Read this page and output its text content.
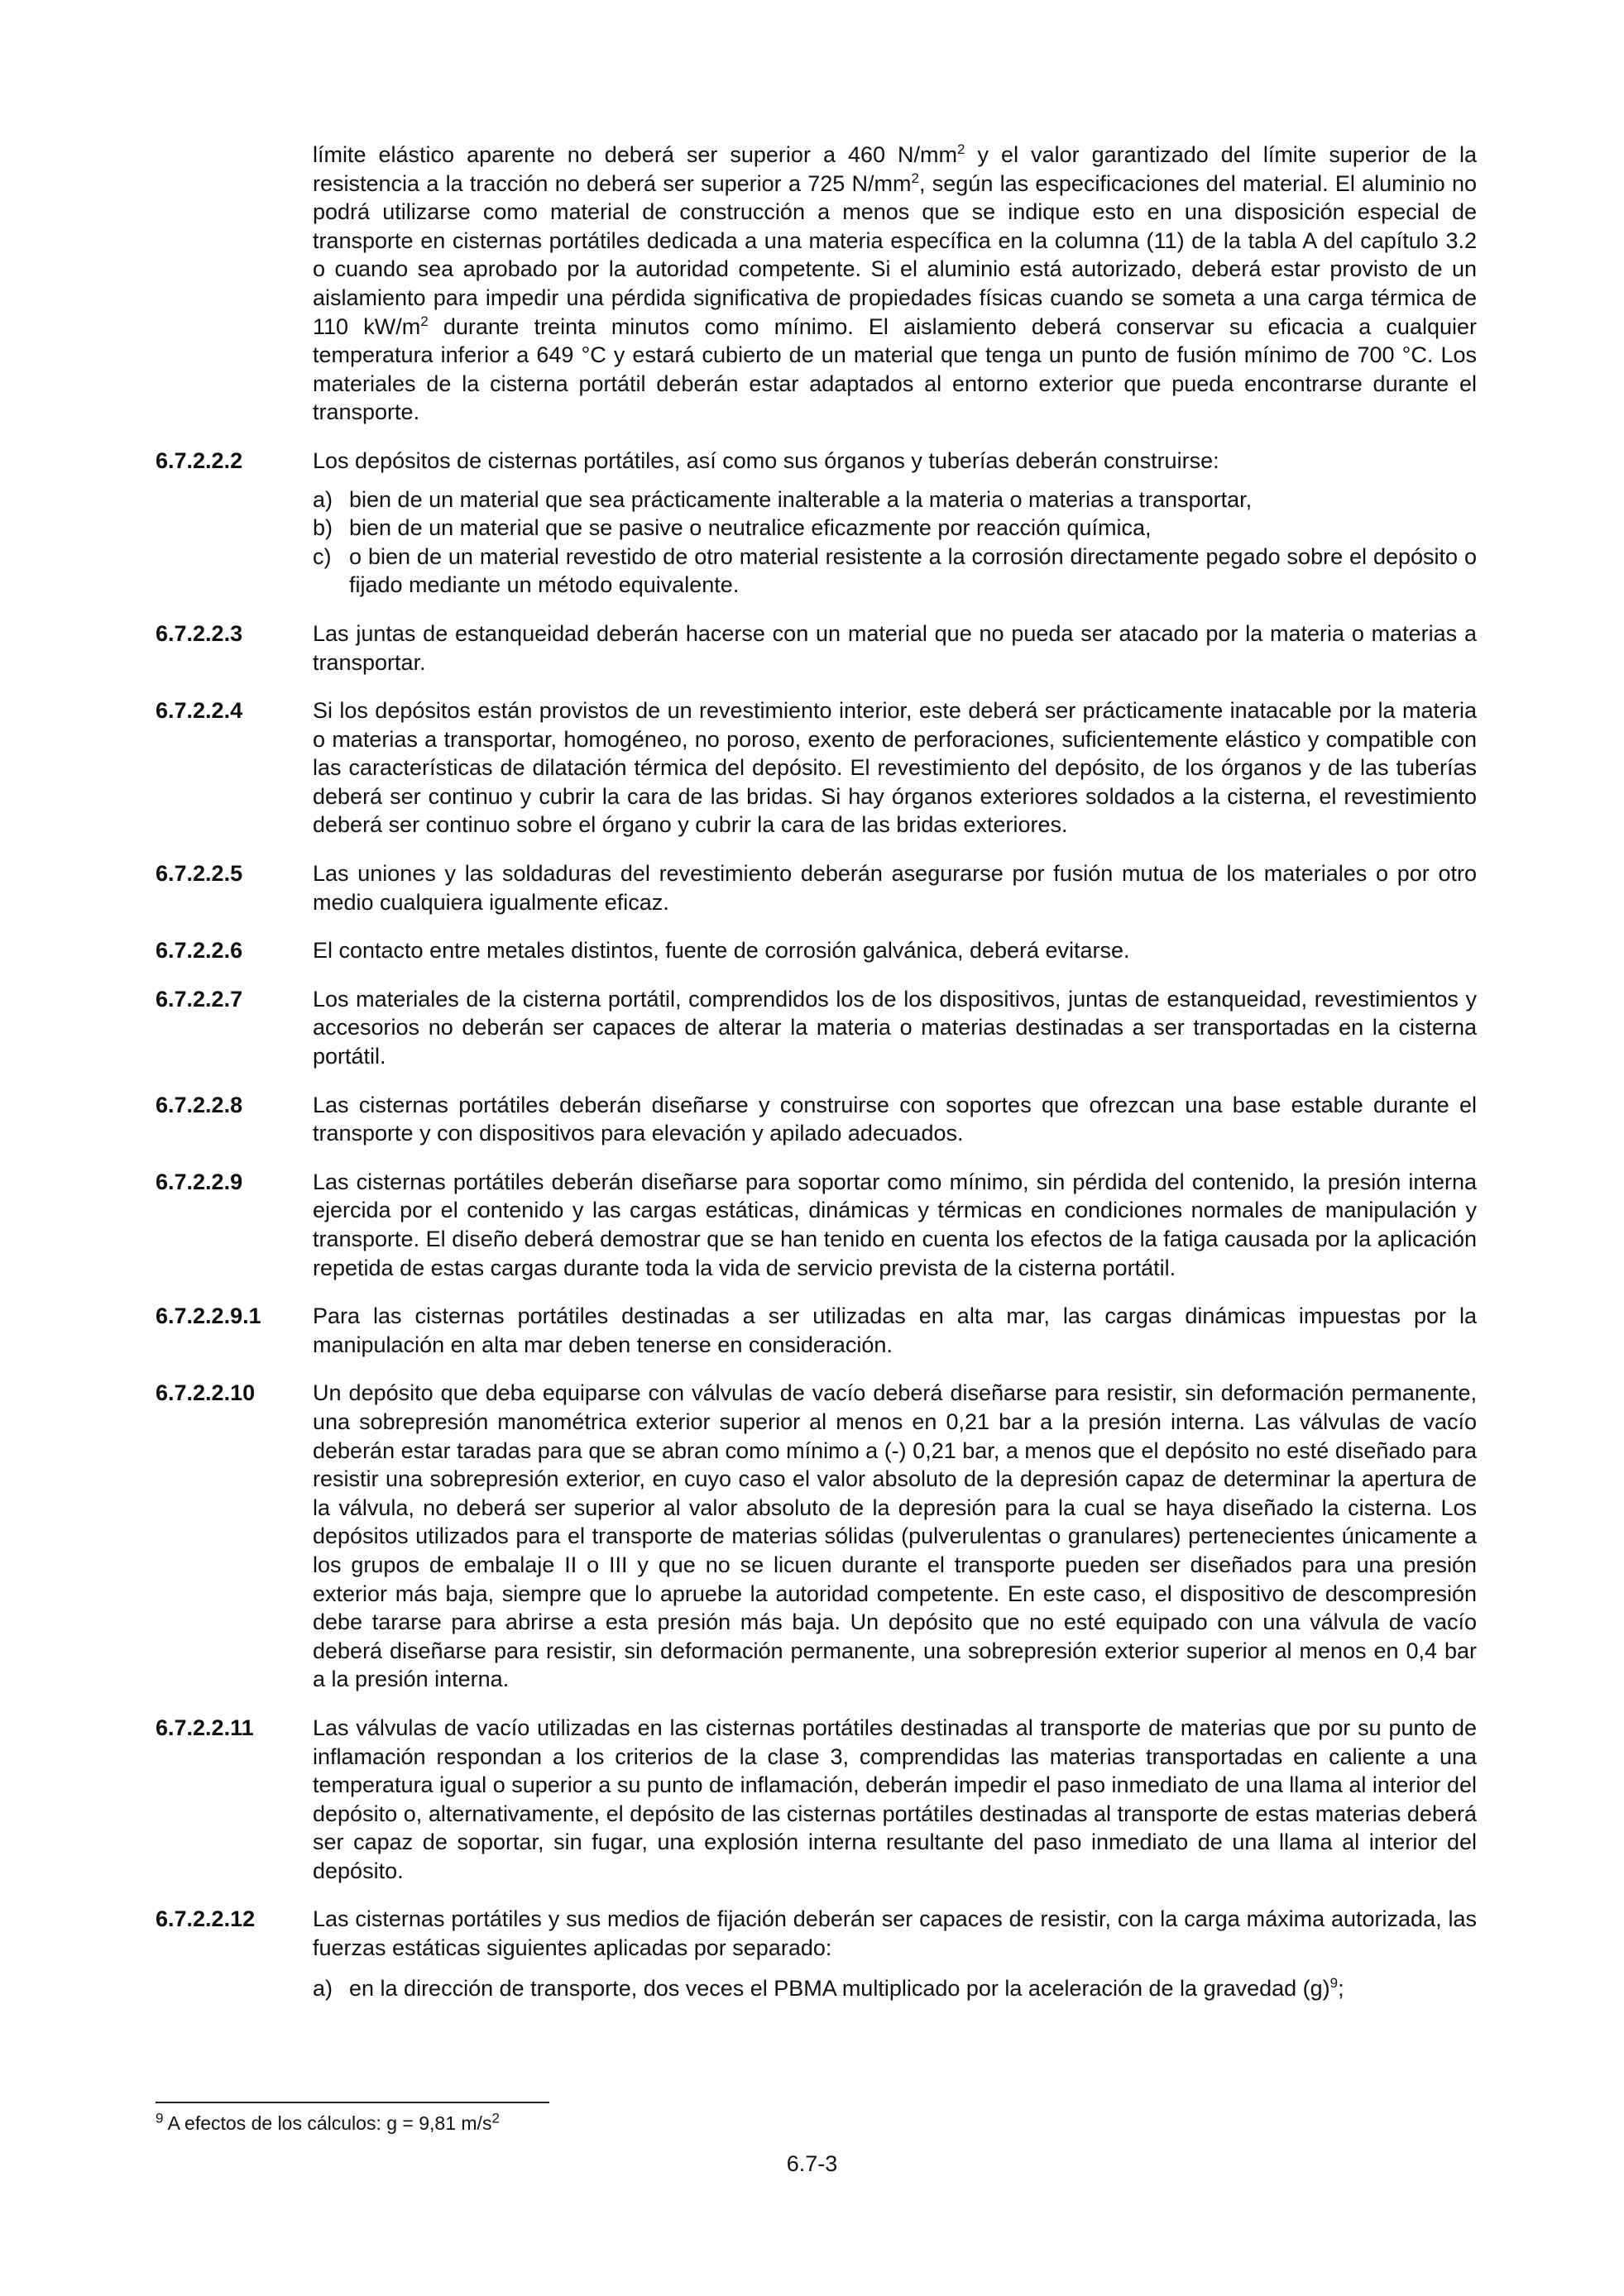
límite elástico aparente no deberá ser superior a 460 $N/mm^2$ y el valor garantizado del límite superior de la resistencia a la tracción no deberá ser superior a 725 $N/mm^2$, según las especificaciones del material. El aluminio no podrá utilizarse como material de construcción a menos que se indique esto en una disposición especial de transporte en cisternas portátiles dedicada a una materia específica en la columna (11) de la tabla A del capítulo 3.2 o cuando sea aprobado por la autoridad competente. Si el aluminio está autorizado, deberá estar provisto de un aislamiento para impedir una pérdida significativa de propiedades físicas cuando se someta a una carga térmica de 110 $kW/m^2$ durante treinta minutos como mínimo. El aislamiento deberá conservar su eficacia a cualquier temperatura inferior a 649 °C y estará cubierto de un material que tenga un punto de fusión mínimo de 700 °C. Los materiales de la cisterna portátil deberán estar adaptados al entorno exterior que pueda encontrarse durante el transporte.

6.7.2.2.2	Los depósitos de cisternas portátiles, así como sus órganos y tuberías deberán construirse:

a) bien de un material que sea prácticamente inalterable a la materia o materias a transportar,
b) bien de un material que se pasive o neutralice eficazmente por reacción química,
c) o bien de un material revestido de otro material resistente a la corrosión directamente pegado sobre el depósito o fijado mediante un método equivalente.
6.7.2.2.3	Las juntas de estanqueidad deberán hacerse con un material que no pueda ser atacado por la materia o materias a transportar.

6.7.2.2.4	Si los depósitos están provistos de un revestimiento interior, este deberá ser prácticamente inatacable por la materia o materias a transportar, homogéneo, no poroso, exento de perforaciones, suficientemente elástico y compatible con las características de dilatación térmica del depósito. El revestimiento del depósito, de los órganos y de las tuberías deberá ser continuo y cubrir la cara de las bridas. Si hay órganos exteriores soldados a la cisterna, el revestimiento deberá ser continuo sobre el órgano y cubrir la cara de las bridas exteriores.

6.7.2.2.5	Las uniones y las soldaduras del revestimiento deberán asegurarse por fusión mutua de los materiales o por otro medio cualquiera igualmente eficaz.

6.7.2.2.6	El contacto entre metales distintos, fuente de corrosión galvánica, deberá evitarse.

6.7.2.2.7	Los materiales de la cisterna portátil, comprendidos los de los dispositivos, juntas de estanqueidad, revestimientos y accesorios no deberán ser capaces de alterar la materia o materias destinadas a ser transportadas en la cisterna portátil.

6.7.2.2.8	Las cisternas portátiles deberán diseñarse y construirse con soportes que ofrezcan una base estable durante el transporte y con dispositivos para elevación y apilado adecuados.

6.7.2.2.9	Las cisternas portátiles deberán diseñarse para soportar como mínimo, sin pérdida del contenido, la presión interna ejercida por el contenido y las cargas estáticas, dinámicas y térmicas en condiciones normales de manipulación y transporte. El diseño deberá demostrar que se han tenido en cuenta los efectos de la fatiga causada por la aplicación repetida de estas cargas durante toda la vida de servicio prevista de la cisterna portátil.

6.7.2.2.9.1	Para las cisternas portátiles destinadas a ser utilizadas en alta mar, las cargas dinámicas impuestas por la manipulación en alta mar deben tenerse en consideración.

6.7.2.2.10	Un depósito que deba equiparse con válvulas de vacío deberá diseñarse para resistir, sin deformación permanente, una sobrepresión manométrica exterior superior al menos en 0,21 bar a la presión interna. Las válvulas de vacío deberán estar taradas para que se abran como mínimo a (-) 0,21 bar, a menos que el depósito no esté diseñado para resistir una sobrepresión exterior, en cuyo caso el valor absoluto de la depresión capaz de determinar la apertura de la válvula, no deberá ser superior al valor absoluto de la depresión para la cual se haya diseñado la cisterna. Los depósitos utilizados para el transporte de materias sólidas (pulverulentas o granulares) pertenecientes únicamente a los grupos de embalaje II o III y que no se licuen durante el transporte pueden ser diseñados para una presión exterior más baja, siempre que lo apruebe la autoridad competente. En este caso, el dispositivo de descompresión debe tararse para abrirse a esta presión más baja. Un depósito que no esté equipado con una válvula de vacío deberá diseñarse para resistir, sin deformación permanente, una sobrepresión exterior superior al menos en 0,4 bar a la presión interna.

6.7.2.2.11	Las válvulas de vacío utilizadas en las cisternas portátiles destinadas al transporte de materias que por su punto de inflamación respondan a los criterios de la clase 3, comprendidas las materias transportadas en caliente a una temperatura igual o superior a su punto de inflamación, deberán impedir el paso inmediato de una llama al interior del depósito o, alternativamente, el depósito de las cisternas portátiles destinadas al transporte de estas materias deberá ser capaz de soportar, sin fugar, una explosión interna resultante del paso inmediato de una llama al interior del depósito.

6.7.2.2.12	Las cisternas portátiles y sus medios de fijación deberán ser capaces de resistir, con la carga máxima autorizada, las fuerzas estáticas siguientes aplicadas por separado:

a) en la dirección de transporte, dos veces el PBMA multiplicado por la aceleración de la gravedad $(g)^9$;
$^9$ A efectos de los cálculos: g = 9,81 $m/s^2$
6.7-3
